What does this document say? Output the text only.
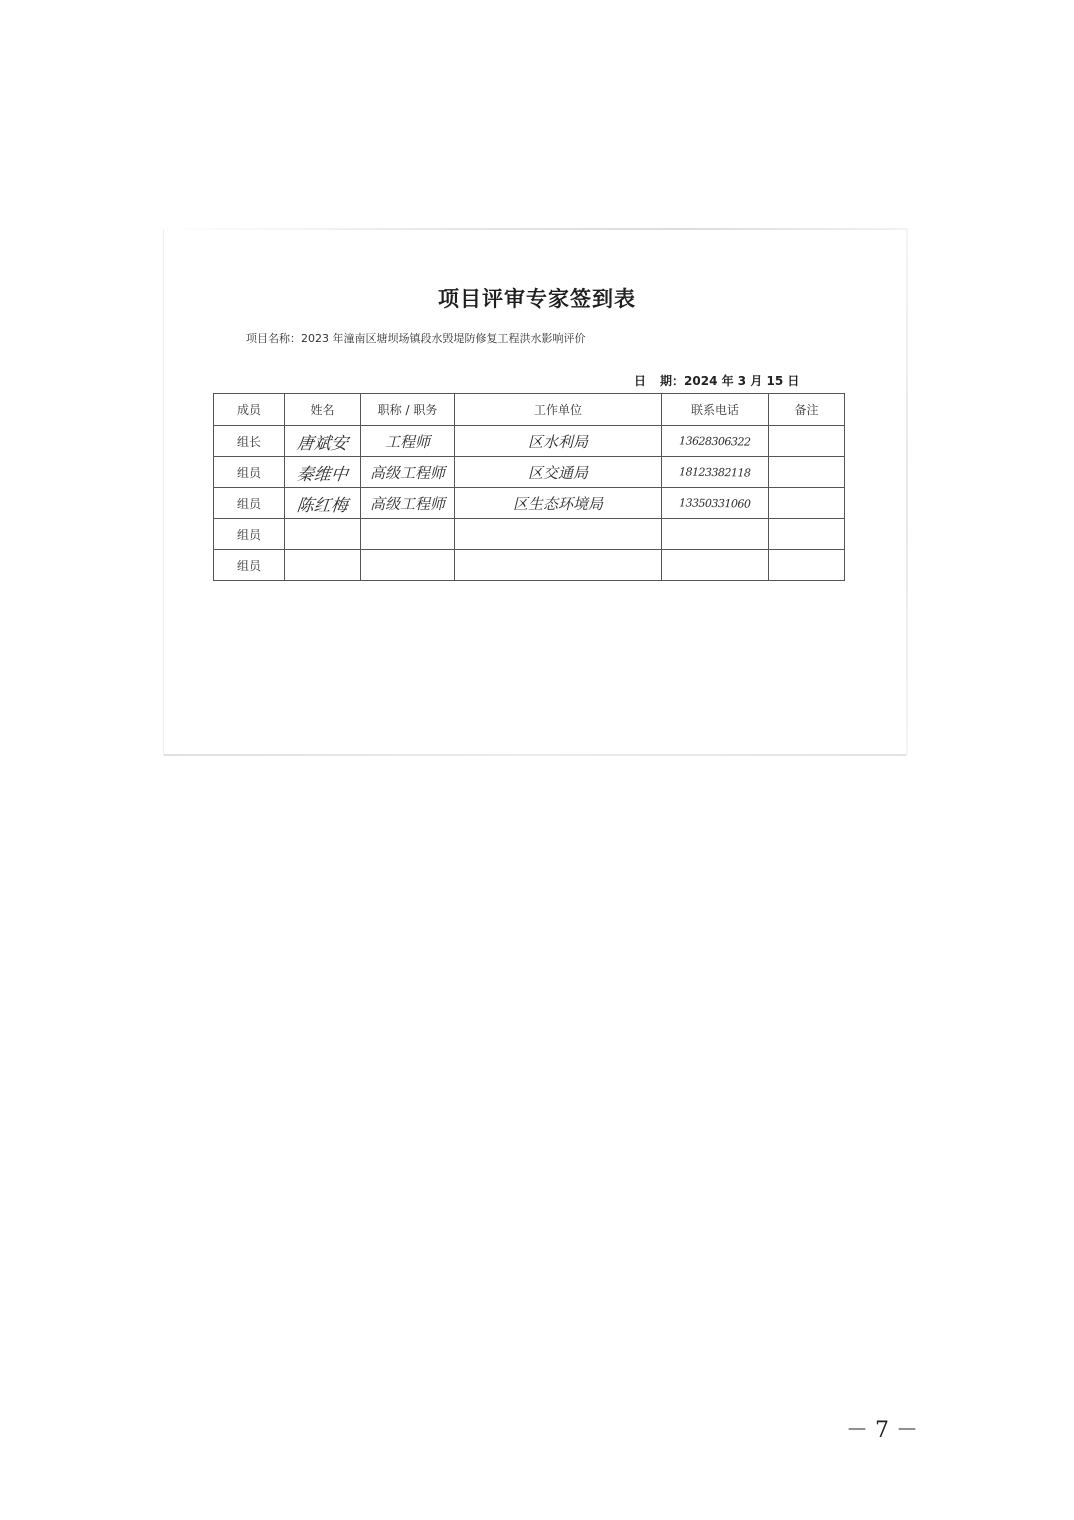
项目评审专家签到表
项目名称：2023 年潼南区塘坝场镇段水毁堤防修复工程洪水影响评价
日 期：2024 年 3 月 15 日
成员	姓名	职称 / 职务	工作单位	联系电话	备注
组长	唐斌安	工程师	区水利局	13628306322	
组员	秦维中	高级工程师	区交通局	18123382118	
组员	陈红梅	高级工程师	区生态环境局	13350331060	
组员					
组员					
－ 7 －
